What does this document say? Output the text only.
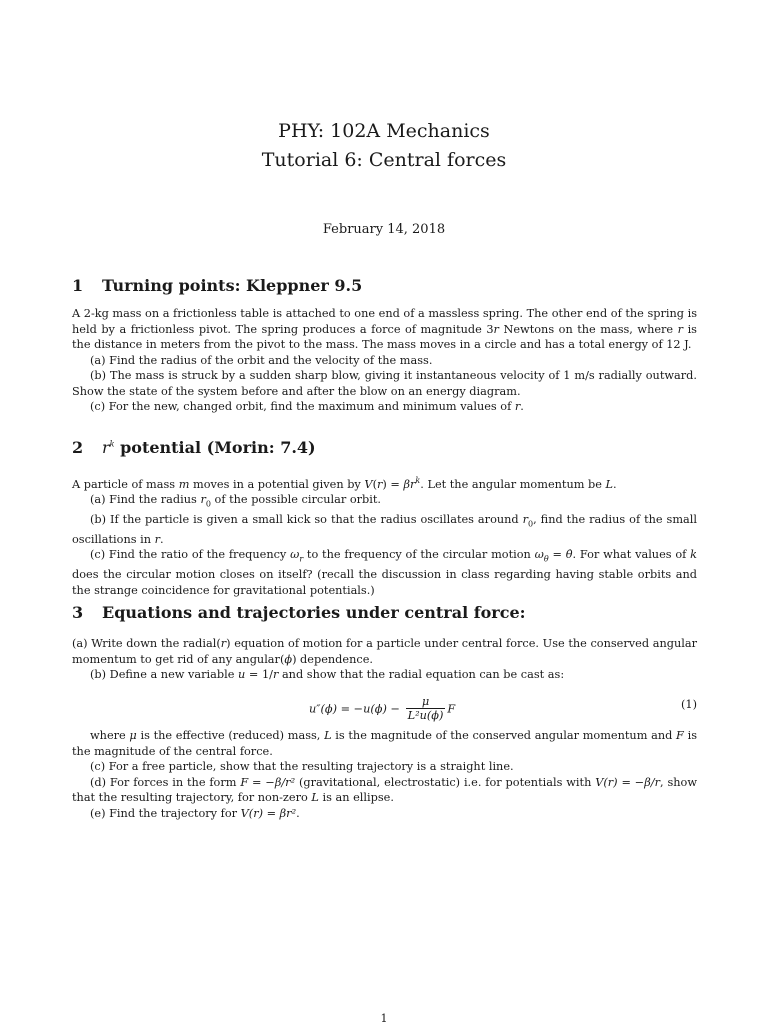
PHY: 102A Mechanics
Tutorial 6: Central forces
February 14, 2018
1 Turning points: Kleppner 9.5

A 2-kg mass on a frictionless table is attached to one end of a massless spring. The other end of the spring is held by a frictionless pivot. The spring produces a force of magnitude 3r Newtons on the mass, where r is the distance in meters from the pivot to the mass. The mass moves in a circle and has a total energy of 12 J.

(a) Find the radius of the orbit and the velocity of the mass.

(b) The mass is struck by a sudden sharp blow, giving it instantaneous velocity of 1 m/s radially outward. Show the state of the system before and after the blow on an energy diagram.

(c) For the new, changed orbit, find the maximum and minimum values of r.

2 $r^k$ potential (Morin: 7.4)

A particle of mass m moves in a potential given by $V(r) = \beta r^k$. Let the angular momentum be L.

(a) Find the radius $r_0$ of the possible circular orbit.

(b) If the particle is given a small kick so that the radius oscillates around $r_0$, find the radius of the small oscillations in r.

(c) Find the ratio of the frequency $\omega_r$ to the frequency of the circular motion $\omega_\theta$ = θ̇. For what values of k does the circular motion closes on itself? (recall the discussion in class regarding having stable orbits and the strange coincidence for gravitational potentials.)

3 Equations and trajectories under central force:

(a) Write down the radial(r) equation of motion for a particle under central force. Use the conserved angular momentum to get rid of any angular(ϕ) dependence.

(b) Define a new variable u = 1/r and show that the radial equation can be cast as:

$u''(\phi) = -u(\phi) - \frac{\mu}{\text{L²u(ϕ)}}$ F	(1)

where μ is the effective (reduced) mass, L is the magnitude of the conserved angular momentum and F is the magnitude of the central force.

(c) For a free particle, show that the resulting trajectory is a straight line.

(d) For forces in the form F = −β/r² (gravitational, electrostatic) i.e. for potentials with V(r) = −β/r, show that the resulting trajectory, for non-zero L is an ellipse.

(e) Find the trajectory for V(r) = βr².

1
